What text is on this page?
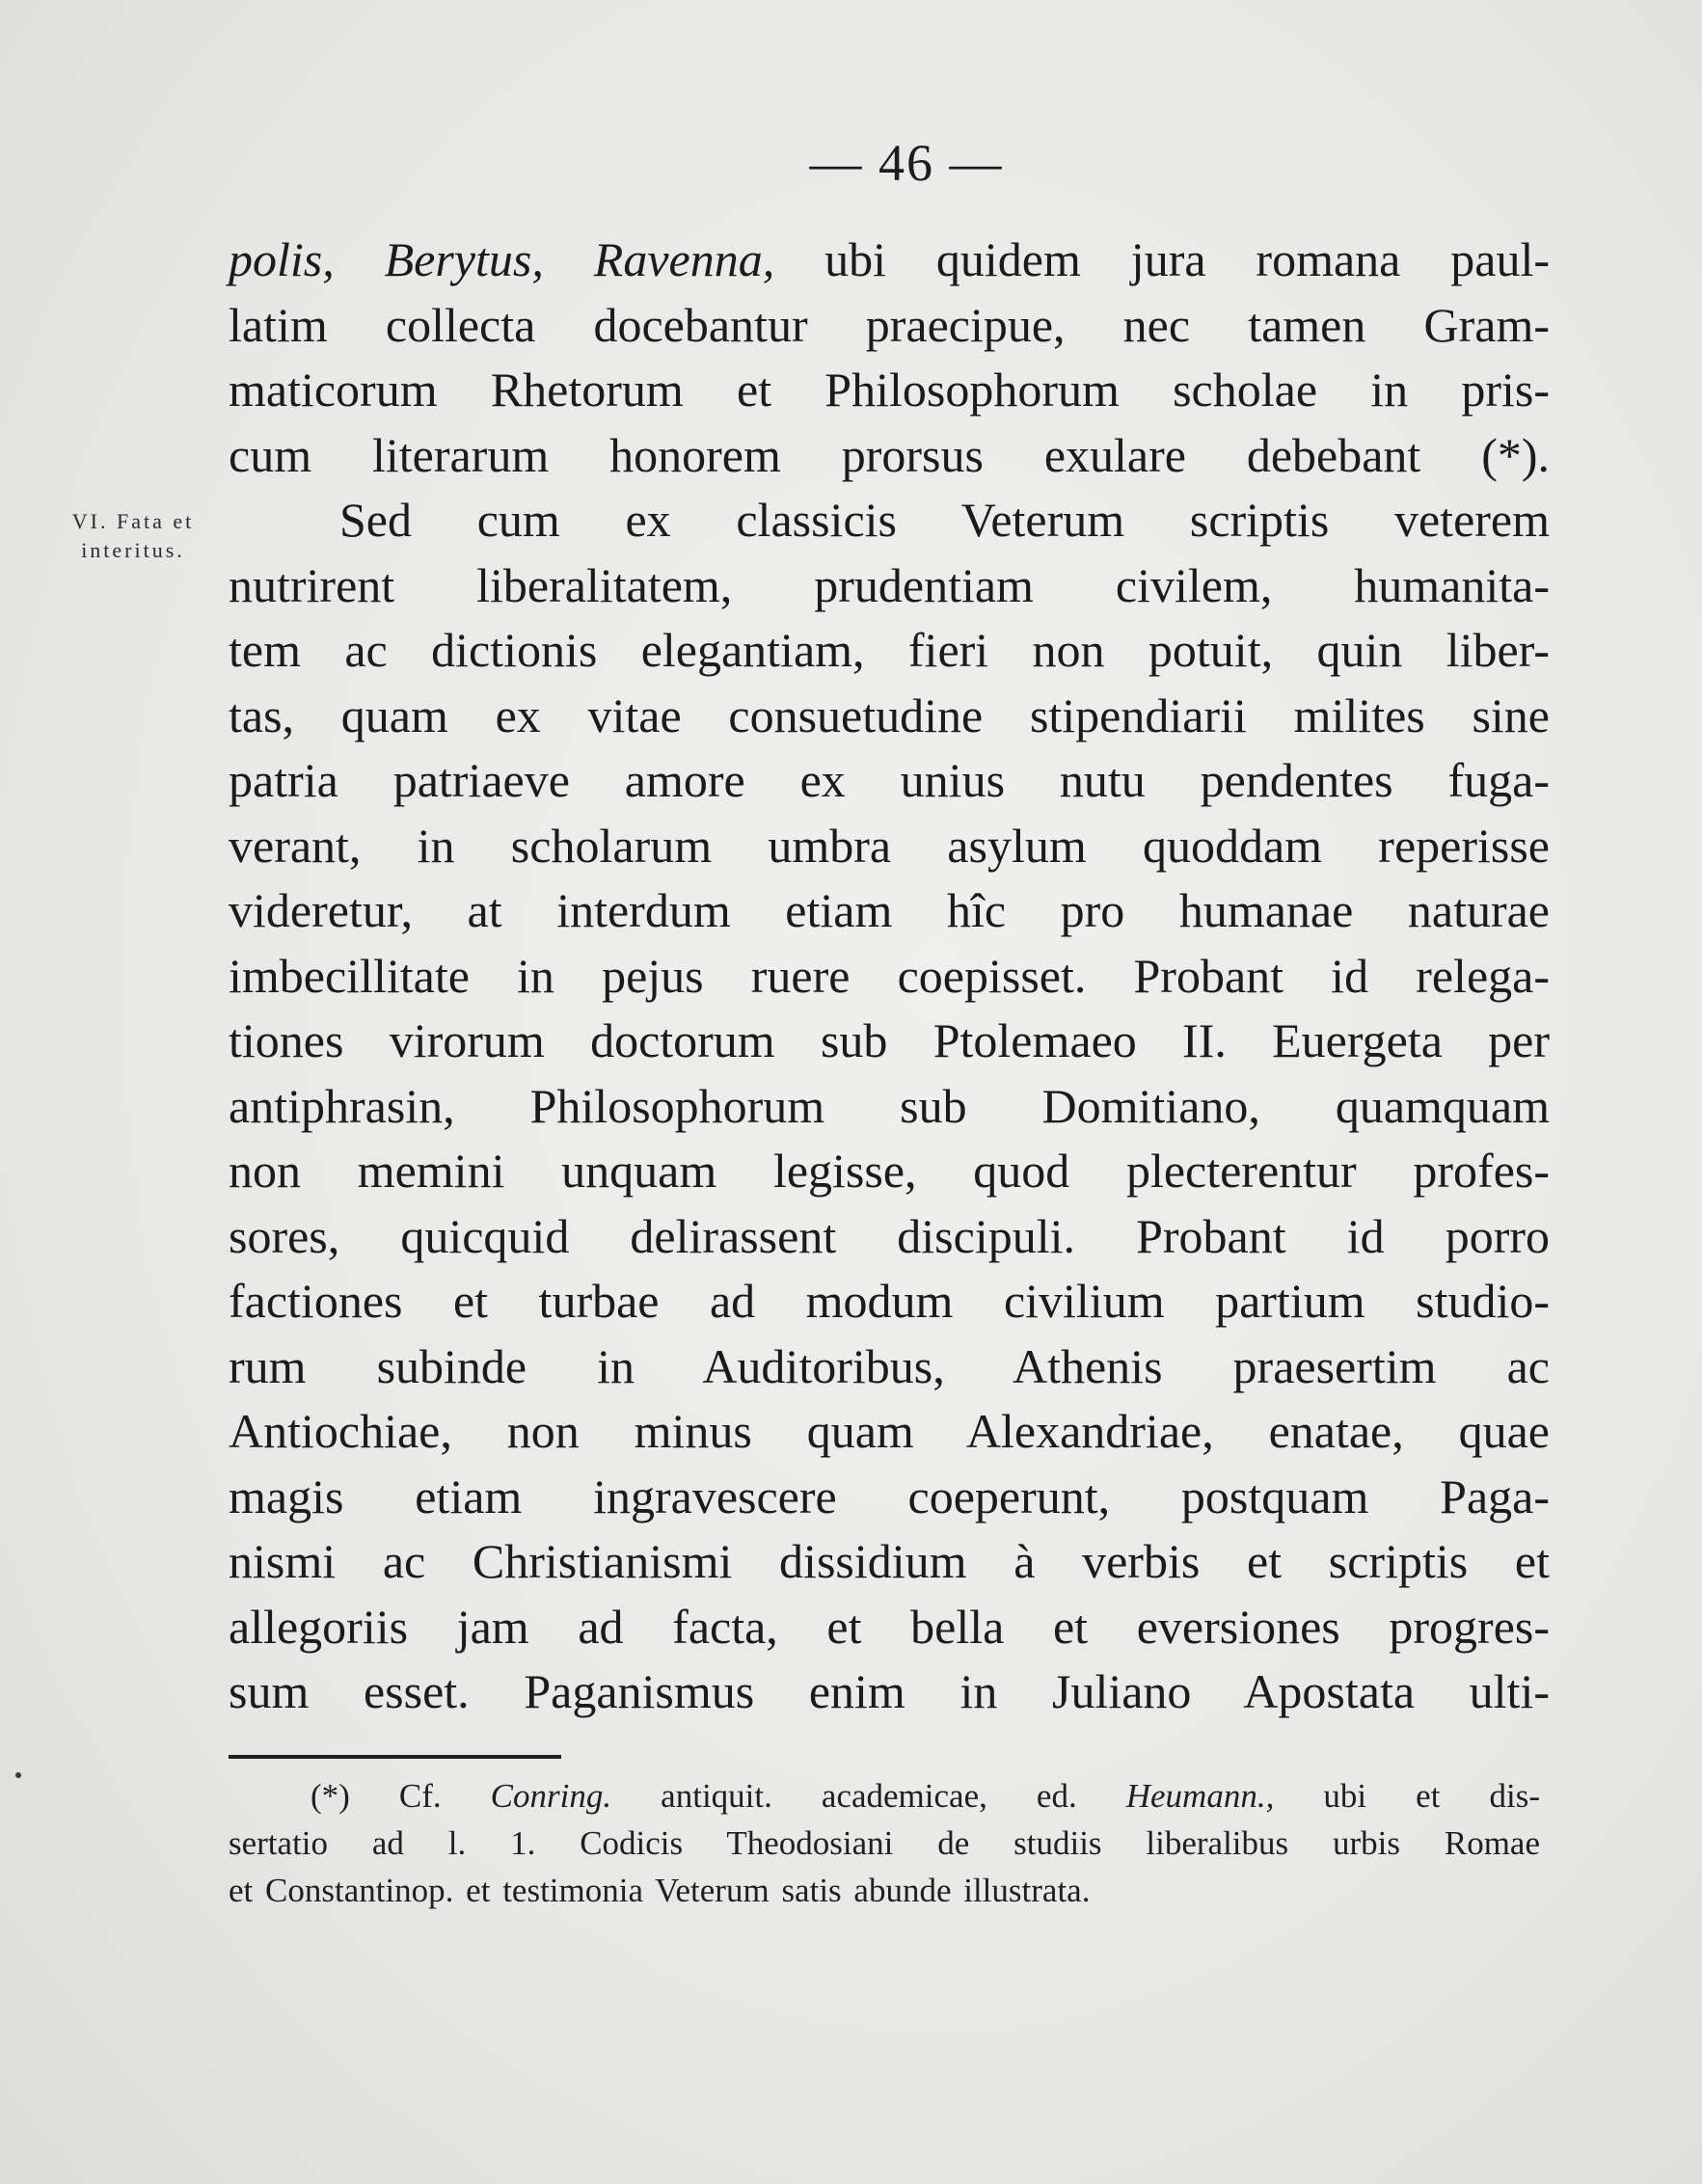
— 46 —
VI. Fata et
interitus.
polis, Berytus, Ravenna, ubi quidem jura romana paul-
latim collecta docebantur praecipue, nec tamen Gram-
maticorum Rhetorum et Philosophorum scholae in pris-
cum literarum honorem prorsus exulare debebant (*).
Sed cum ex classicis Veterum scriptis veterem
nutrirent liberalitatem, prudentiam civilem, humanita-
tem ac dictionis elegantiam, fieri non potuit, quin liber-
tas, quam ex vitae consuetudine stipendiarii milites sine
patria patriaeve amore ex unius nutu pendentes fuga-
verant, in scholarum umbra asylum quoddam reperisse
videretur, at interdum etiam hîc pro humanae naturae
imbecillitate in pejus ruere coepisset. Probant id relega-
tiones virorum doctorum sub Ptolemaeo II. Euergeta per
antiphrasin, Philosophorum sub Domitiano, quamquam
non memini unquam legisse, quod plecterentur profes-
sores, quicquid delirassent discipuli. Probant id porro
factiones et turbae ad modum civilium partium studio-
rum subinde in Auditoribus, Athenis praesertim ac
Antiochiae, non minus quam Alexandriae, enatae, quae
magis etiam ingravescere coeperunt, postquam Paga-
nismi ac Christianismi dissidium à verbis et scriptis et
allegoriis jam ad facta, et bella et eversiones progres-
sum esset. Paganismus enim in Juliano Apostata ulti-
(*) Cf. Conring. antiquit. academicae, ed. Heumann., ubi et dis-
sertatio ad l. 1. Codicis Theodosiani de studiis liberalibus urbis Romae
et Constantinop. et testimonia Veterum satis abunde illustrata.
